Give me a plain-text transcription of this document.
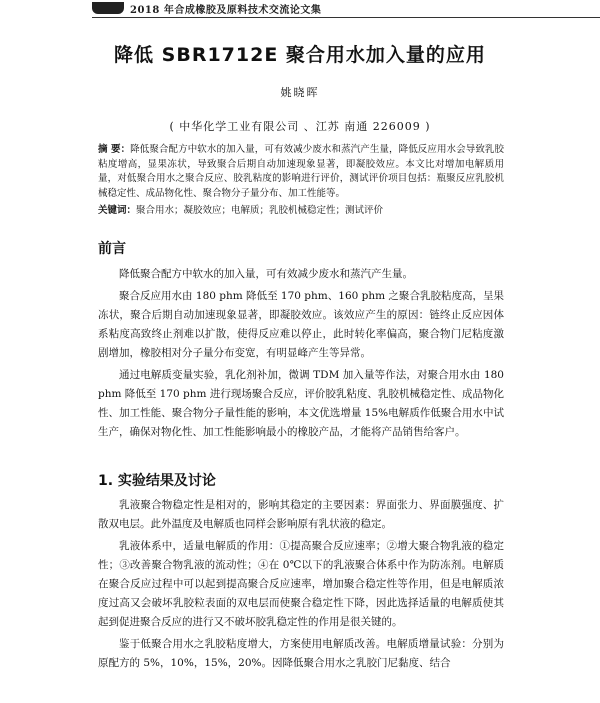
2018 年合成橡胶及原料技术交流论文集
降低 SBR1712E 聚合用水加入量的应用
姚晓晖
( 中华化学工业有限公司 、江苏 南通 226009 )
摘 要：降低聚合配方中软水的加入量，可有效减少废水和蒸汽产生量，降低反应用水会导致乳胶粘度增高，显果冻状，导致聚合后期自动加速现象显著，即凝胶效应。本文比对增加电解质用量，对低聚合用水之聚合反应、胶乳粘度的影响进行评价，测试评价项目包括：瓶聚反应乳胶机械稳定性、成品物化性、聚合物分子量分布、加工性能等。
关键词：聚合用水；凝胶效应；电解质；乳胶机械稳定性；测试评价
前言

降低聚合配方中软水的加入量，可有效减少废水和蒸汽产生量。

聚合反应用水由 180 phm 降低至 170 phm、160 phm 之聚合乳胶粘度高，呈果冻状，聚合后期自动加速现象显著，即凝胶效应。该效应产生的原因：链终止反应因体系粘度高致终止剂难以扩散，使得反应难以停止，此时转化率偏高，聚合物门尼粘度激剧增加，橡胶相对分子量分布变宽，有明显峰产生等异常。

通过电解质变量实验，乳化剂补加，微调 TDM 加入量等作法，对聚合用水由 180 phm 降低至 170 phm 进行现场聚合反应，评价胶乳粘度、乳胶机械稳定性、成品物化性、加工性能、聚合物分子量性能的影响，本文优选增量 15%电解质作低聚合用水中试生产，确保对物化性、加工性能影响最小的橡胶产品，才能将产品销售给客户。

1. 实验结果及讨论

乳液聚合物稳定性是相对的，影响其稳定的主要因素：界面张力、界面膜强度、扩散双电层。此外温度及电解质也同样会影响原有乳状液的稳定。

乳液体系中，适量电解质的作用：①提高聚合反应速率；②增大聚合物乳液的稳定性；③改善聚合物乳液的流动性；④在 0℃以下的乳液聚合体系中作为防冻剂。电解质在聚合反应过程中可以起到提高聚合反应速率，增加聚合稳定性等作用，但是电解质浓度过高又会破坏乳胶粒表面的双电层而使聚合稳定性下降，因此选择适量的电解质使其起到促进聚合反应的进行又不破坏胶乳稳定性的作用是很关键的。

鉴于低聚合用水之乳胶粘度增大，方案使用电解质改善。电解质增量试验：分别为原配方的 5%，10%，15%，20%。因降低聚合用水之乳胶门尼黏度、结合
